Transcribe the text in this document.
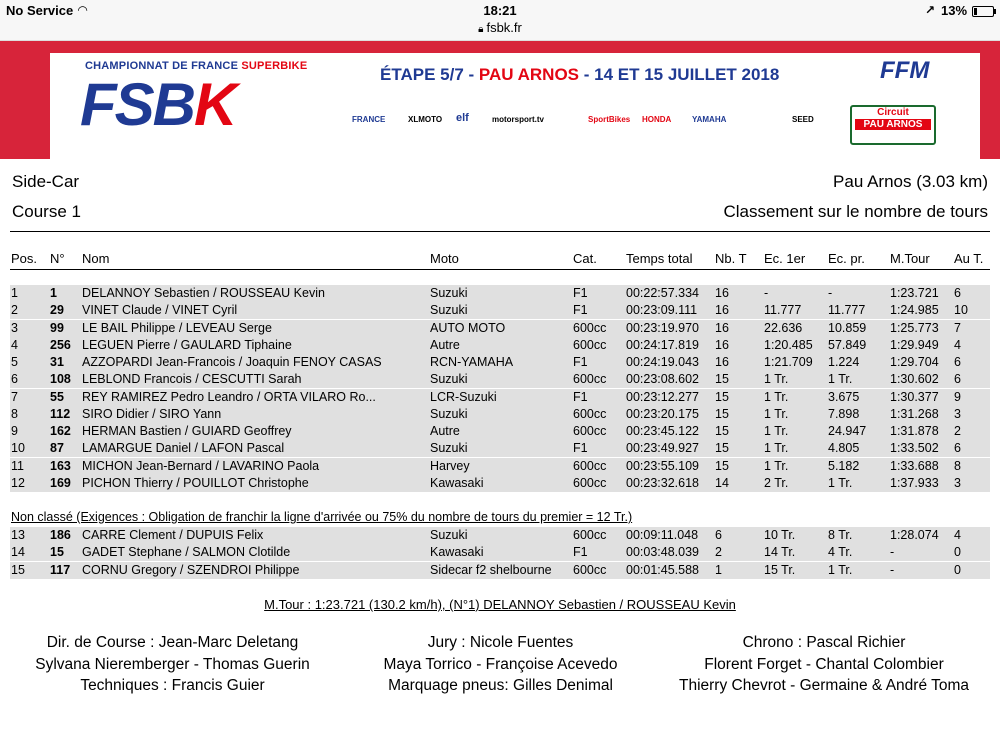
No Service ◠	18:21	↗ 13%
🔒︎ fsbk.fr
CHAMPIONNAT DE FRANCE SUPERBIKE
FSBK	ÉTAPE 5/7 - PAU ARNOS - 14 ET 15 JUILLET 2018	FFM
FRANCE	XLMOTO elf	motorsport.tv	SportBikes HONDA	YAMAHA	SEED
Circuit
PAU ARNOS
Side-Car
Course 1
Pau Arnos (3.03 km)
Classement sur le nombre de tours
Pos. N° Nom	Moto	Cat. Temps total Nb. T Ec. 1er Ec. pr. M.Tour Au T.
1	1 DELANNOY Sebastien / ROUSSEAU Kevin	Suzuki	F1	00:22:57.334 16	-	-	1:23.721 6
2	29 VINET Claude / VINET Cyril	Suzuki	F1	00:23:09.111 16	11.777 11.777 1:24.985 10
3	99 LE BAIL Philippe / LEVEAU Serge	AUTO MOTO	600cc 00:23:19.970 16	22.636 10.859 1:25.773 7
4	256 LEGUEN Pierre / GAULARD Tiphaine	Autre	600cc 00:24:17.819 16	1:20.485 57.849 1:29.949 4
5	31 AZZOPARDI Jean-Francois / Joaquin FENOY CASAS	RCN-YAMAHA	F1	00:24:19.043 16	1:21.709 1.224 1:29.704 6
6	108 LEBLOND Francois / CESCUTTI Sarah	Suzuki	600cc 00:23:08.602 15	1 Tr.	1 Tr.	1:30.602 6
7	55 REY RAMIREZ Pedro Leandro / ORTA VILARO Ro...	LCR-Suzuki	F1	00:23:12.277 15	1 Tr.	3.675 1:30.377 9
8	112 SIRO Didier / SIRO Yann	Suzuki	600cc 00:23:20.175 15	1 Tr.	7.898 1:31.268 3
9	162 HERMAN Bastien / GUIARD Geoffrey	Autre	600cc 00:23:45.122 15	1 Tr.	24.947 1:31.878 2
10 87 LAMARGUE Daniel / LAFON Pascal	Suzuki	F1	00:23:49.927 15	1 Tr.	4.805 1:33.502 6
11 163 MICHON Jean-Bernard / LAVARINO Paola	Harvey	600cc 00:23:55.109 15	1 Tr.	5.182 1:33.688 8
12 169 PICHON Thierry / POUILLOT Christophe	Kawasaki	600cc 00:23:32.618 14	2 Tr.	1 Tr.	1:37.933 3
Non classé (Exigences : Obligation de franchir la ligne d'arrivée ou 75% du nombre de tours du premier = 12 Tr.)
13 186 CARRE Clement / DUPUIS Felix	Suzuki	600cc 00:09:11.048 6	10 Tr.	8 Tr.	1:28.074 4
14 15 GADET Stephane / SALMON Clotilde	Kawasaki	F1	00:03:48.039 2	14 Tr.	4 Tr.	-	0
15 117 CORNU Gregory / SZENDROI Philippe	Sidecar f2 shelbourne	600cc 00:01:45.588 1	15 Tr.	1 Tr.	-	0
M.Tour : 1:23.721 (130.2 km/h), (N°1) DELANNOY Sebastien / ROUSSEAU Kevin
Dir. de Course : Jean-Marc Deletang
Sylvana Nieremberger - Thomas Guerin
Techniques : Francis Guier
Jury : Nicole Fuentes
Maya Torrico - Françoise Acevedo
Marquage pneus: Gilles Denimal
Chrono : Pascal Richier
Florent Forget - Chantal Colombier
Thierry Chevrot - Germaine & André Toma
